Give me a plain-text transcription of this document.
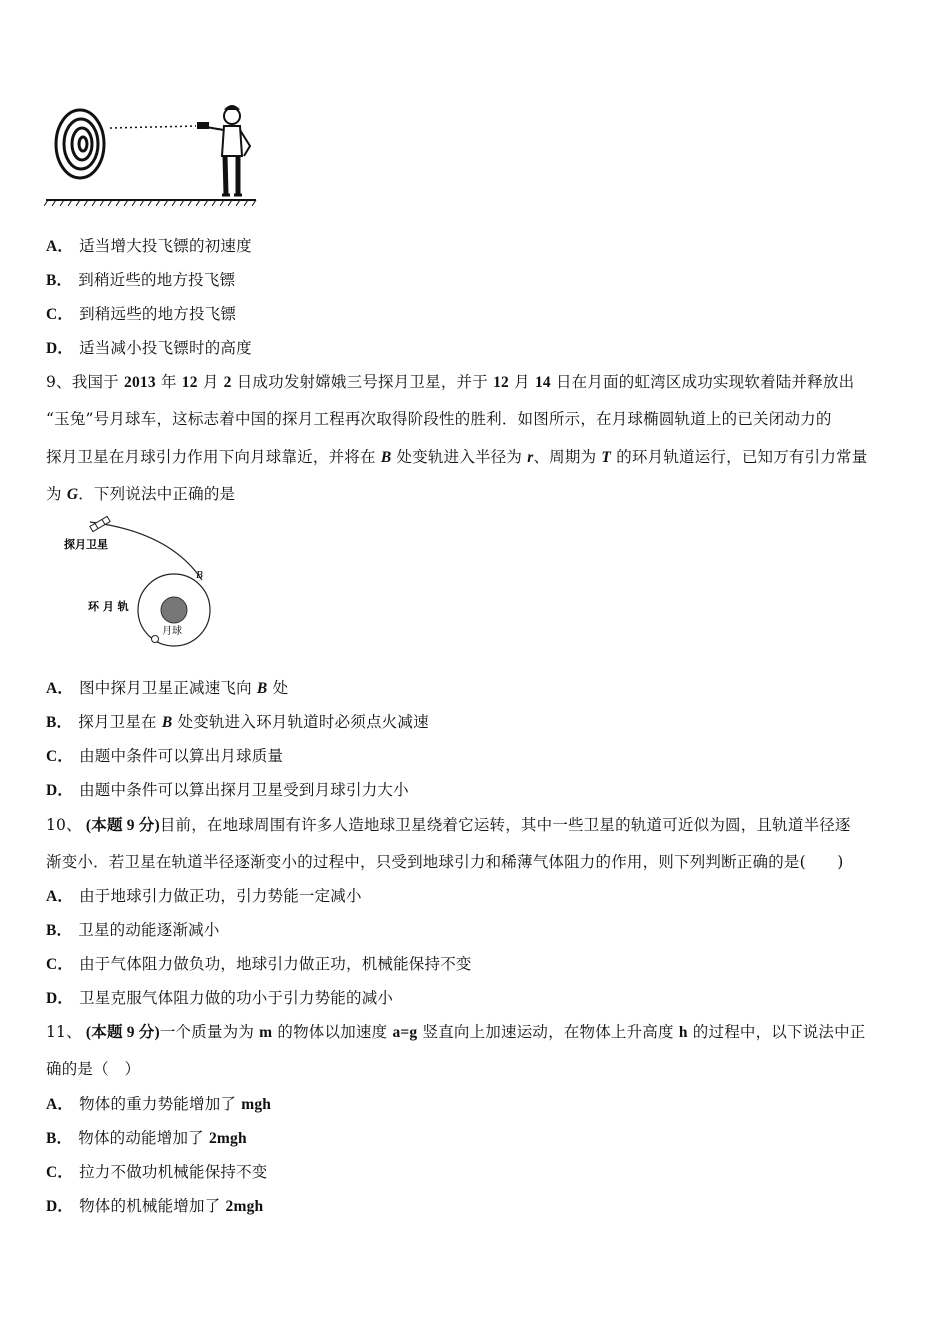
A． 适当增大投飞镖的初速度
B． 到稍近些的地方投飞镖
C． 到稍远些的地方投飞镖
D． 适当减小投飞镖时的高度
9、我国于 2013 年 12 月 2 日成功发射嫦娥三号探月卫星，并于 12 月 14 日在月面的虹湾区成功实现软着陆并释放出
“玉兔”号月球车，这标志着中国的探月工程再次取得阶段性的胜利．如图所示，在月球椭圆轨道上的已关闭动力的
探月卫星在月球引力作用下向月球靠近，并将在 B 处变轨进入半径为 r、周期为 T 的环月轨道运行，已知万有引力常量
为 G．下列说法中正确的是
探月卫星
B
月球
环 月 轨
A． 图中探月卫星正减速飞向 B 处
B． 探月卫星在 B 处变轨进入环月轨道时必须点火减速
C． 由题中条件可以算出月球质量
D． 由题中条件可以算出探月卫星受到月球引力大小
10、 (本题 9 分)目前，在地球周围有许多人造地球卫星绕着它运转，其中一些卫星的轨道可近似为圆，且轨道半径逐
渐变小．若卫星在轨道半径逐渐变小的过程中，只受到地球引力和稀薄气体阻力的作用，则下列判断正确的是(　　)
A． 由于地球引力做正功，引力势能一定减小
B． 卫星的动能逐渐减小
C． 由于气体阻力做负功，地球引力做正功，机械能保持不变
D． 卫星克服气体阻力做的功小于引力势能的减小
11、 (本题 9 分)一个质量为为 m 的物体以加速度 a=g 竖直向上加速运动，在物体上升高度 h 的过程中，以下说法中正
确的是（　）
A． 物体的重力势能增加了 mgh
B． 物体的动能增加了 2mgh
C． 拉力不做功机械能保持不变
D． 物体的机械能增加了 2mgh
